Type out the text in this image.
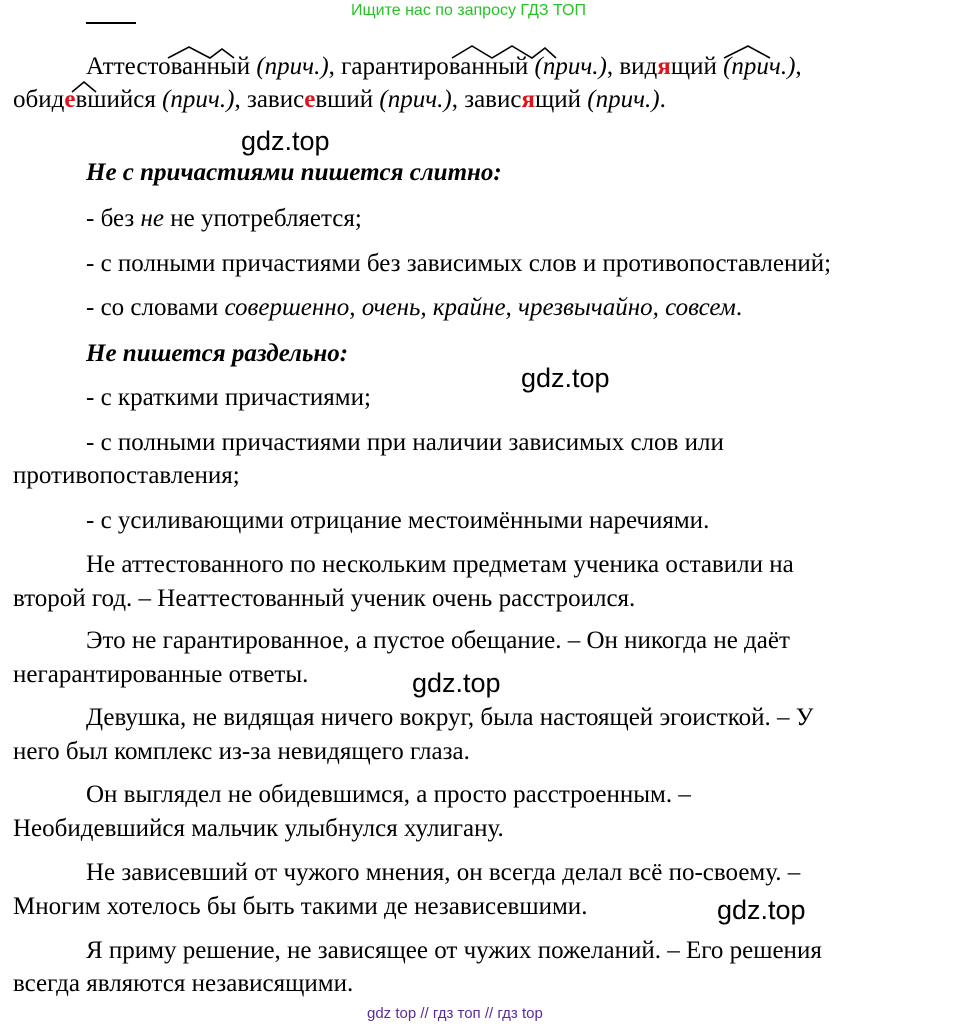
Ищите нас по запросу ГДЗ ТОП
Аттестованный (прич.), гарантированный (прич.), видящий (прич.),
обидевшийся (прич.), зависевший (прич.), зависящий (прич.).
gdz.top
Не с причастиями пишется слитно:
- без не не употребляется;
- с полными причастиями без зависимых слов и противопоставлений;
- со словами совершенно, очень, крайне, чрезвычайно, совсем.
Не пишется раздельно:
gdz.top
- с краткими причастиями;
- с полными причастиями при наличии зависимых слов или
противопоставления;
- с усиливающими отрицание местоимёнными наречиями.
Не аттестованного по нескольким предметам ученика оставили на
второй год. – Неаттестованный ученик очень расстроился.
Это не гарантированное, а пустое обещание. – Он никогда не даёт
негарантированные ответы.	gdz.top
Девушка, не видящая ничего вокруг, была настоящей эгоисткой. – У
него был комплекс из-за невидящего глаза.
Он выглядел не обидевшимся, а просто расстроенным. –
Необидевшийся мальчик улыбнулся хулигану.
Не зависевший от чужого мнения, он всегда делал всё по-своему. –
Многим хотелось бы быть такими де независевшими.	gdz.top
Я приму решение, не зависящее от чужих пожеланий. – Его решения
всегда являются независящими.
gdz top // гдз топ // гдз top
